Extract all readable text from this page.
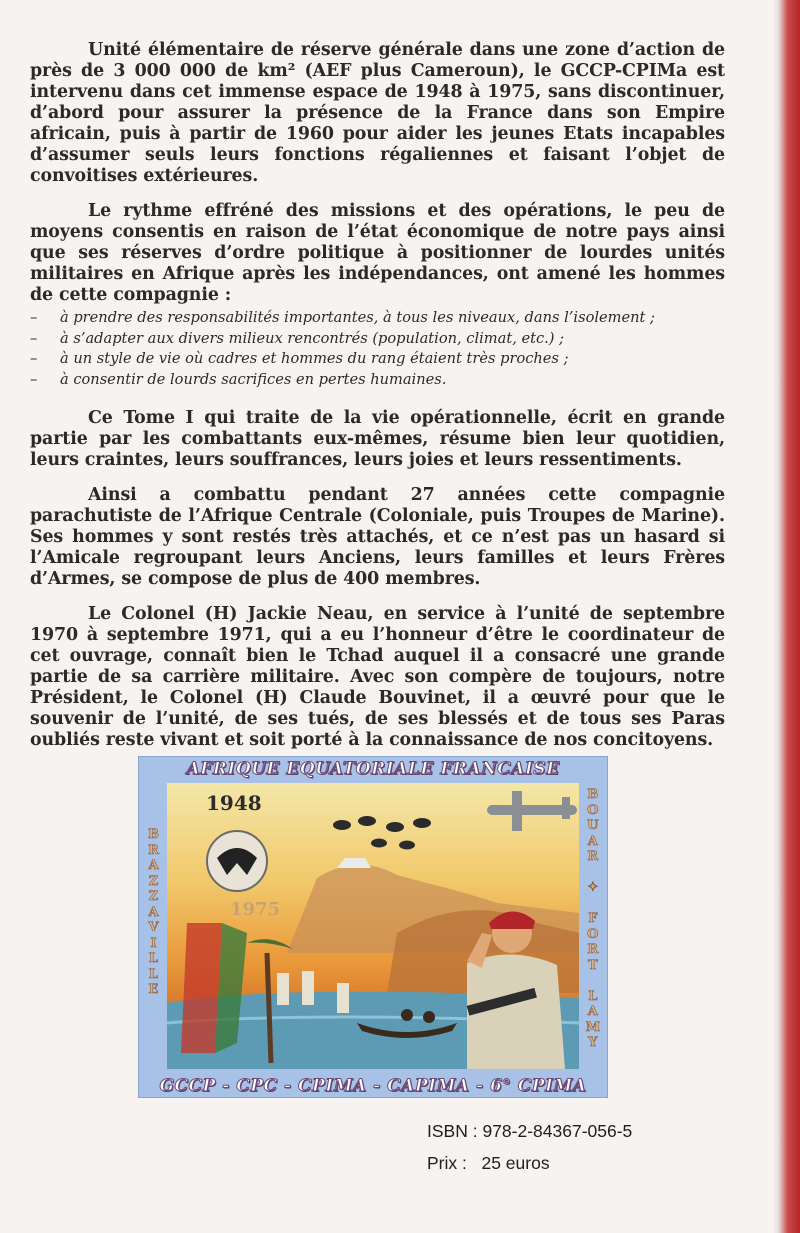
Unité élémentaire de réserve générale dans une zone d’action de près de 3 000 000 de km² (AEF plus Cameroun), le GCCP-CPIMa est intervenu dans cet immense espace de 1948 à 1975, sans discontinuer, d’abord pour assurer la présence de la France dans son Empire africain, puis à partir de 1960 pour aider les jeunes Etats incapables d’assumer seuls leurs fonctions régaliennes et faisant l’objet de convoitises extérieures.

Le rythme effréné des missions et des opérations, le peu de moyens consentis en raison de l’état économique de notre pays ainsi que ses réserves d’ordre politique à positionner de lourdes unités militaires en Afrique après les indépendances, ont amené les hommes de cette compagnie :

– à prendre des responsabilités importantes, à tous les niveaux, dans l’isolement ;
– à s’adapter aux divers milieux rencontrés (population, climat, etc.) ;
– à un style de vie où cadres et hommes du rang étaient très proches ;
– à consentir de lourds sacrifices en pertes humaines.

Ce Tome I qui traite de la vie opérationnelle, écrit en grande partie par les combattants eux-mêmes, résume bien leur quotidien, leurs craintes, leurs souffrances, leurs joies et leurs ressentiments.

Ainsi a combattu pendant 27 années cette compagnie parachutiste de l’Afrique Centrale (Coloniale, puis Troupes de Marine). Ses hommes y sont restés très attachés, et ce n’est pas un hasard si l’Amicale regroupant leurs Anciens, leurs familles et leurs Frères d’Armes, se compose de plus de 400 membres.

Le Colonel (H) Jackie Neau, en service à l’unité de septembre 1970 à septembre 1971, qui a eu l’honneur d’être le coordinateur de cet ouvrage, connaît bien le Tchad auquel il a consacré une grande partie de sa carrière militaire. Avec son compère de toujours, notre Président, le Colonel (H) Claude Bouvinet, il a œuvré pour que le souvenir de l’unité, de ses tués, de ses blessés et de tous ses Paras oubliés reste vivant et soit porté à la connaissance de nos concitoyens.

AFRIQUE EQUATORIALE FRANCAISE
1948
1975
B
R
A
Z
Z
A
V
I
L
L
E
B
O
U
A
R

✦

F
O
R
T

L
A
M
Y
GCCP - CPC - CPIMA - CAPIMA - 6° CPIMA
ISBN :
978-2-84367-056-5
Prix :
25 euros
